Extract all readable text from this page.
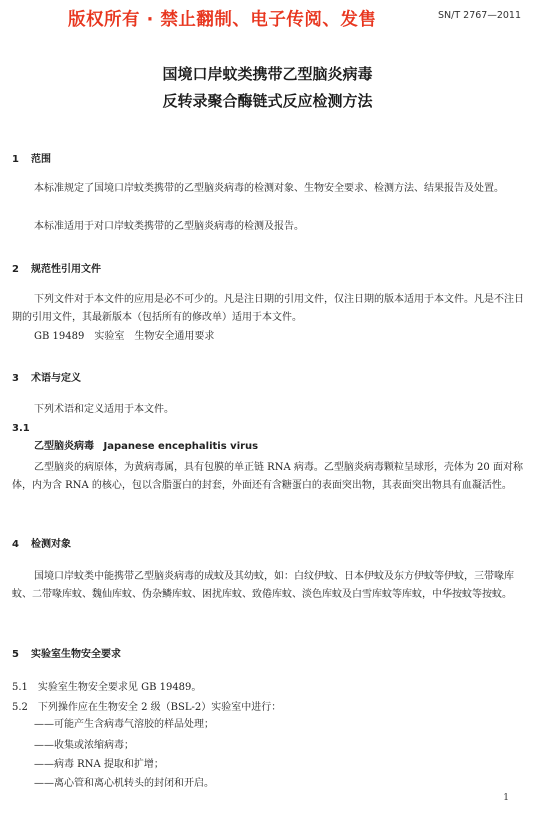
版权所有 · 禁止翻制、电子传阅、发售	SN/T 2767—2011
国境口岸蚊类携带乙型脑炎病毒
反转录聚合酶链式反应检测方法
1 范围
本标准规定了国境口岸蚊类携带的乙型脑炎病毒的检测对象、生物安全要求、检测方法、结果报告及处置。
本标准适用于对口岸蚊类携带的乙型脑炎病毒的检测及报告。
2 规范性引用文件
下列文件对于本文件的应用是必不可少的。凡是注日期的引用文件，仅注日期的版本适用于本文件。凡是不注日期的引用文件，其最新版本（包括所有的修改单）适用于本文件。
GB 19489　实验室　生物安全通用要求
3 术语与定义
下列术语和定义适用于本文件。
3.1
乙型脑炎病毒 Japanese encephalitis virus
乙型脑炎的病原体，为黄病毒属，具有包膜的单正链 RNA 病毒。乙型脑炎病毒颗粒呈球形，壳体为 20 面对称体，内为含 RNA 的核心，包以含脂蛋白的封套，外面还有含糖蛋白的表面突出物，其表面突出物具有血凝活性。
4 检测对象
国境口岸蚊类中能携带乙型脑炎病毒的成蚊及其幼蚊，如：白纹伊蚊、日本伊蚊及东方伊蚊等伊蚊，三带喙库蚊、二带喙库蚊、魏仙库蚊、伪杂鳞库蚊、困扰库蚊、致倦库蚊、淡色库蚊及白雪库蚊等库蚊，中华按蚊等按蚊。
5 实验室生物安全要求
5.1　实验室生物安全要求见 GB 19489。
5.2　下列操作应在生物安全 2 级（BSL-2）实验室中进行：
——可能产生含病毒气溶胶的样品处理；
——收集或浓缩病毒；
——病毒 RNA 提取和扩增；
——离心管和离心机转头的封闭和开启。
1
